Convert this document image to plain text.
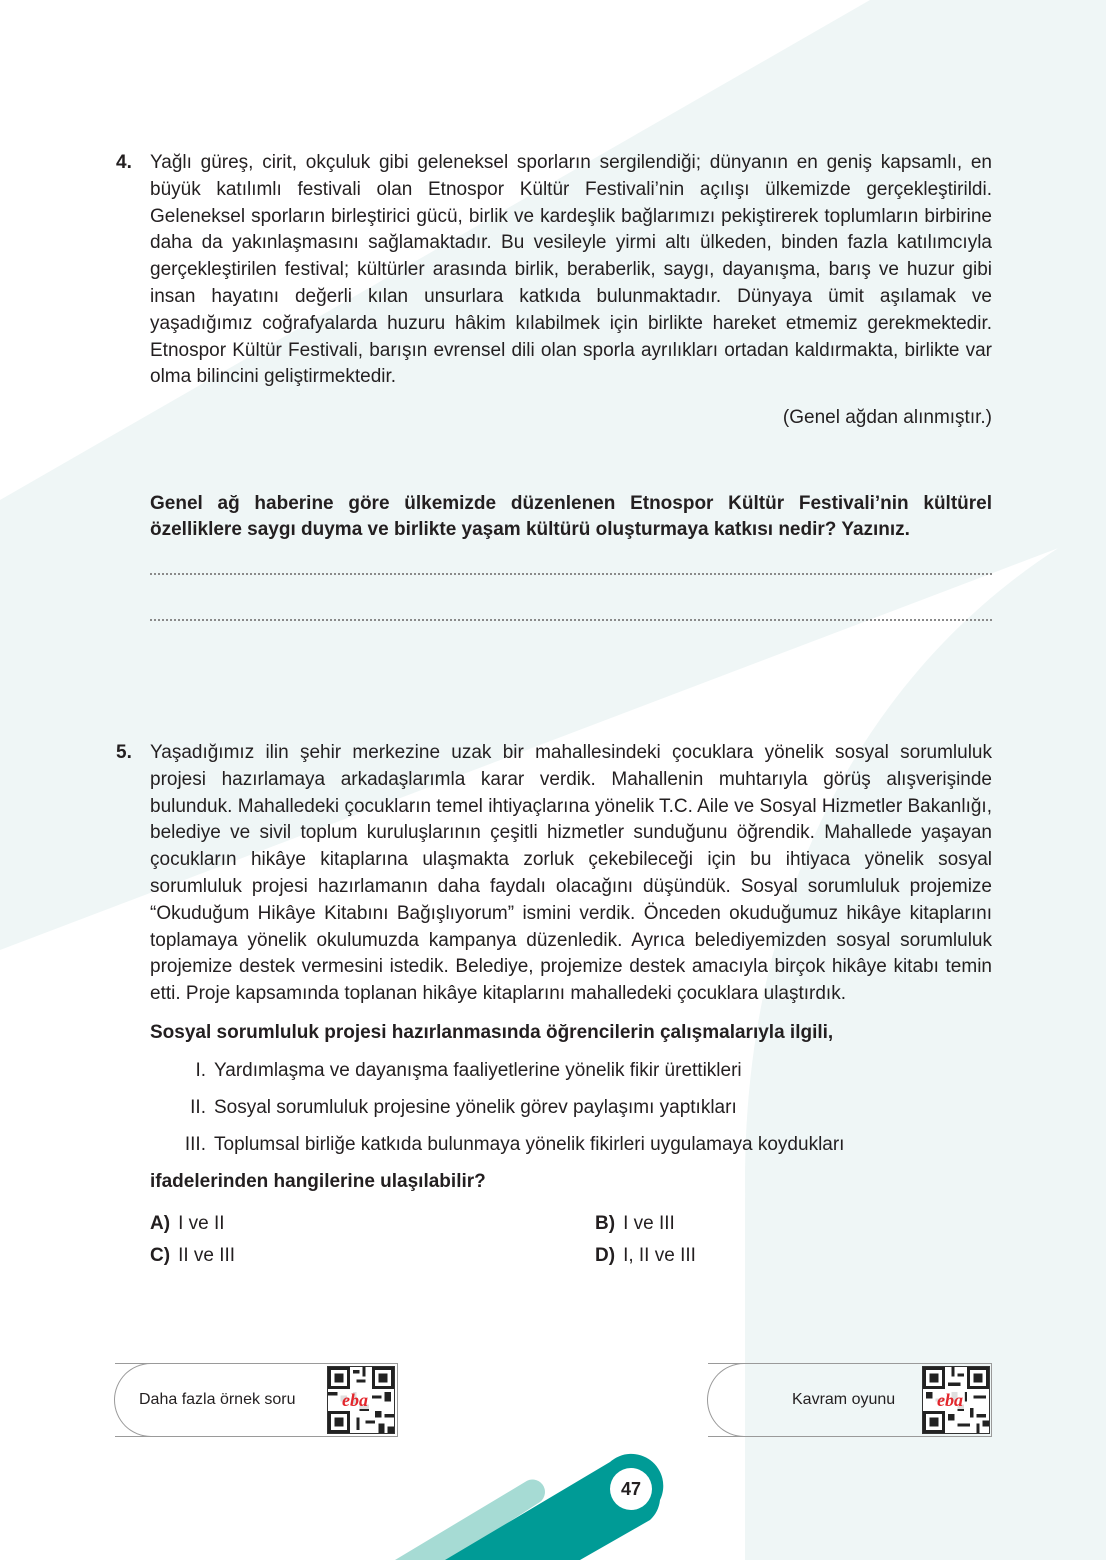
4. Yağlı güreş, cirit, okçuluk gibi geleneksel sporların sergilendiği; dünyanın en geniş kapsamlı, en büyük katılımlı festivali olan Etnospor Kültür Festivali’nin açılışı ülkemizde gerçekleştirildi. Geleneksel sporların birleştirici gücü, birlik ve kardeşlik bağlarımızı pekiştirerek toplumların birbirine daha da yakınlaşmasını sağlamaktadır. Bu vesileyle yirmi altı ülkeden, binden fazla katılımcıyla gerçekleştirilen festival; kültürler arasında birlik, beraberlik, saygı, dayanışma, barış ve huzur gibi insan hayatını değerli kılan unsurlara katkıda bulunmaktadır. Dünyaya ümit aşılamak ve yaşadığımız coğrafyalarda huzuru hâkim kılabilmek için birlikte hareket etmemiz gerekmektedir. Etnospor Kültür Festivali, barışın evrensel dili olan sporla ayrılıkları ortadan kaldırmakta, birlikte var olma bilincini geliştirmektedir.

(Genel ağdan alınmıştır.)
Genel ağ haberine göre ülkemizde düzenlenen Etnospor Kültür Festivali’nin kültürel özelliklere saygı duyma ve birlikte yaşam kültürü oluşturmaya katkısı nedir? Yazınız.
5. Yaşadığımız ilin şehir merkezine uzak bir mahallesindeki çocuklara yönelik sosyal sorumluluk projesi hazırlamaya arkadaşlarımla karar verdik. Mahallenin muhtarıyla görüş alışverişinde bulunduk. Mahalledeki çocukların temel ihtiyaçlarına yönelik T.C. Aile ve Sosyal Hizmetler Bakanlığı, belediye ve sivil toplum kuruluşlarının çeşitli hizmetler sunduğunu öğrendik. Mahallede yaşayan çocukların hikâye kitaplarına ulaşmakta zorluk çekebileceği için bu ihtiyaca yönelik sosyal sorumluluk projesi hazırlamanın daha faydalı olacağını düşündük. Sosyal sorumluluk projemize “Okuduğum Hikâye Kitabını Bağışlıyorum” ismini verdik. Önceden okuduğumuz hikâye kitaplarını toplamaya yönelik okulumuzda kampanya düzenledik. Ayrıca belediyemizden sosyal sorumluluk projemize destek vermesini istedik. Belediye, projemize destek amacıyla birçok hikâye kitabı temin etti. Proje kapsamında toplanan hikâye kitaplarını mahalledeki çocuklara ulaştırdık.

Sosyal sorumluluk projesi hazırlanmasında öğrencilerin çalışmalarıyla ilgili,
I. Yardımlaşma ve dayanışma faaliyetlerine yönelik fikir ürettikleri
II. Sosyal sorumluluk projesine yönelik görev paylaşımı yaptıkları
III. Toplumsal birliğe katkıda bulunmaya yönelik fikirleri uygulamaya koydukları
ifadelerinden hangilerine ulaşılabilir?
A) I ve II	B) I ve III
C) II ve III	D) I, II ve III
Daha fazla örnek soru	eba	Kavram oyunu eba
47
